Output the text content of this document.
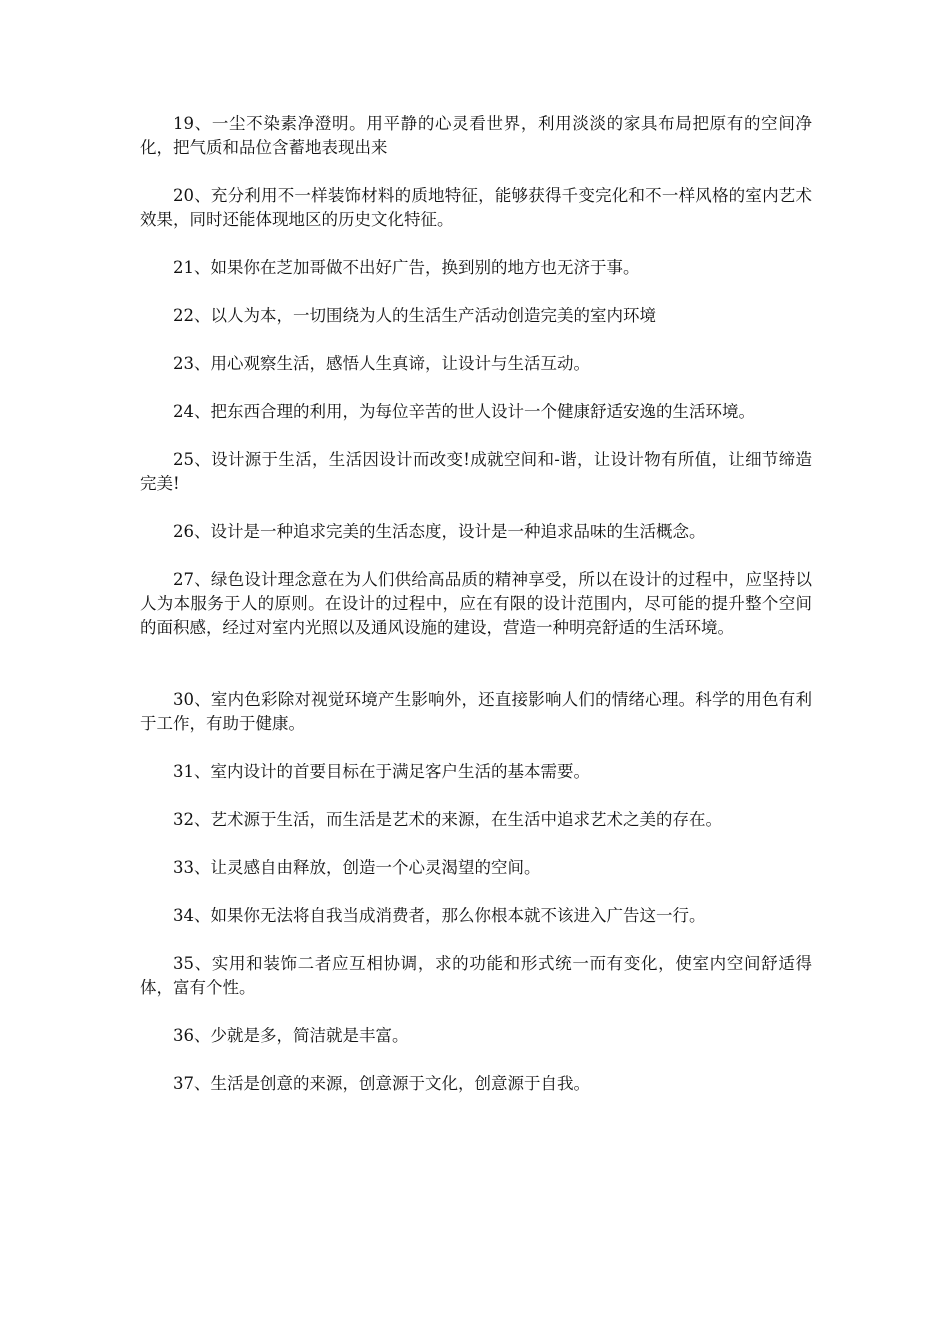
19、一尘不染素净澄明。用平静的心灵看世界，利用淡淡的家具布局把原有的空间净化，把气质和品位含蓄地表现出来

20、充分利用不一样装饰材料的质地特征，能够获得千变完化和不一样风格的室内艺术效果，同时还能体现地区的历史文化特征。

21、如果你在芝加哥做不出好广告，换到别的地方也无济于事。

22、以人为本，一切围绕为人的生活生产活动创造完美的室内环境

23、用心观察生活，感悟人生真谛，让设计与生活互动。

24、把东西合理的利用，为每位辛苦的世人设计一个健康舒适安逸的生活环境。

25、设计源于生活，生活因设计而改变!成就空间和-谐，让设计物有所值，让细节缔造完美!

26、设计是一种追求完美的生活态度，设计是一种追求品味的生活概念。

27、绿色设计理念意在为人们供给高品质的精神享受，所以在设计的过程中，应坚持以人为本服务于人的原则。在设计的过程中，应在有限的设计范围内，尽可能的提升整个空间的面积感，经过对室内光照以及通风设施的建设，营造一种明亮舒适的生活环境。

30、室内色彩除对视觉环境产生影响外，还直接影响人们的情绪心理。科学的用色有利于工作，有助于健康。

31、室内设计的首要目标在于满足客户生活的基本需要。

32、艺术源于生活，而生活是艺术的来源，在生活中追求艺术之美的存在。

33、让灵感自由释放，创造一个心灵渴望的空间。

34、如果你无法将自我当成消费者，那么你根本就不该进入广告这一行。

35、实用和装饰二者应互相协调，求的功能和形式统一而有变化，使室内空间舒适得体，富有个性。

36、少就是多，简洁就是丰富。

37、生活是创意的来源，创意源于文化，创意源于自我。
